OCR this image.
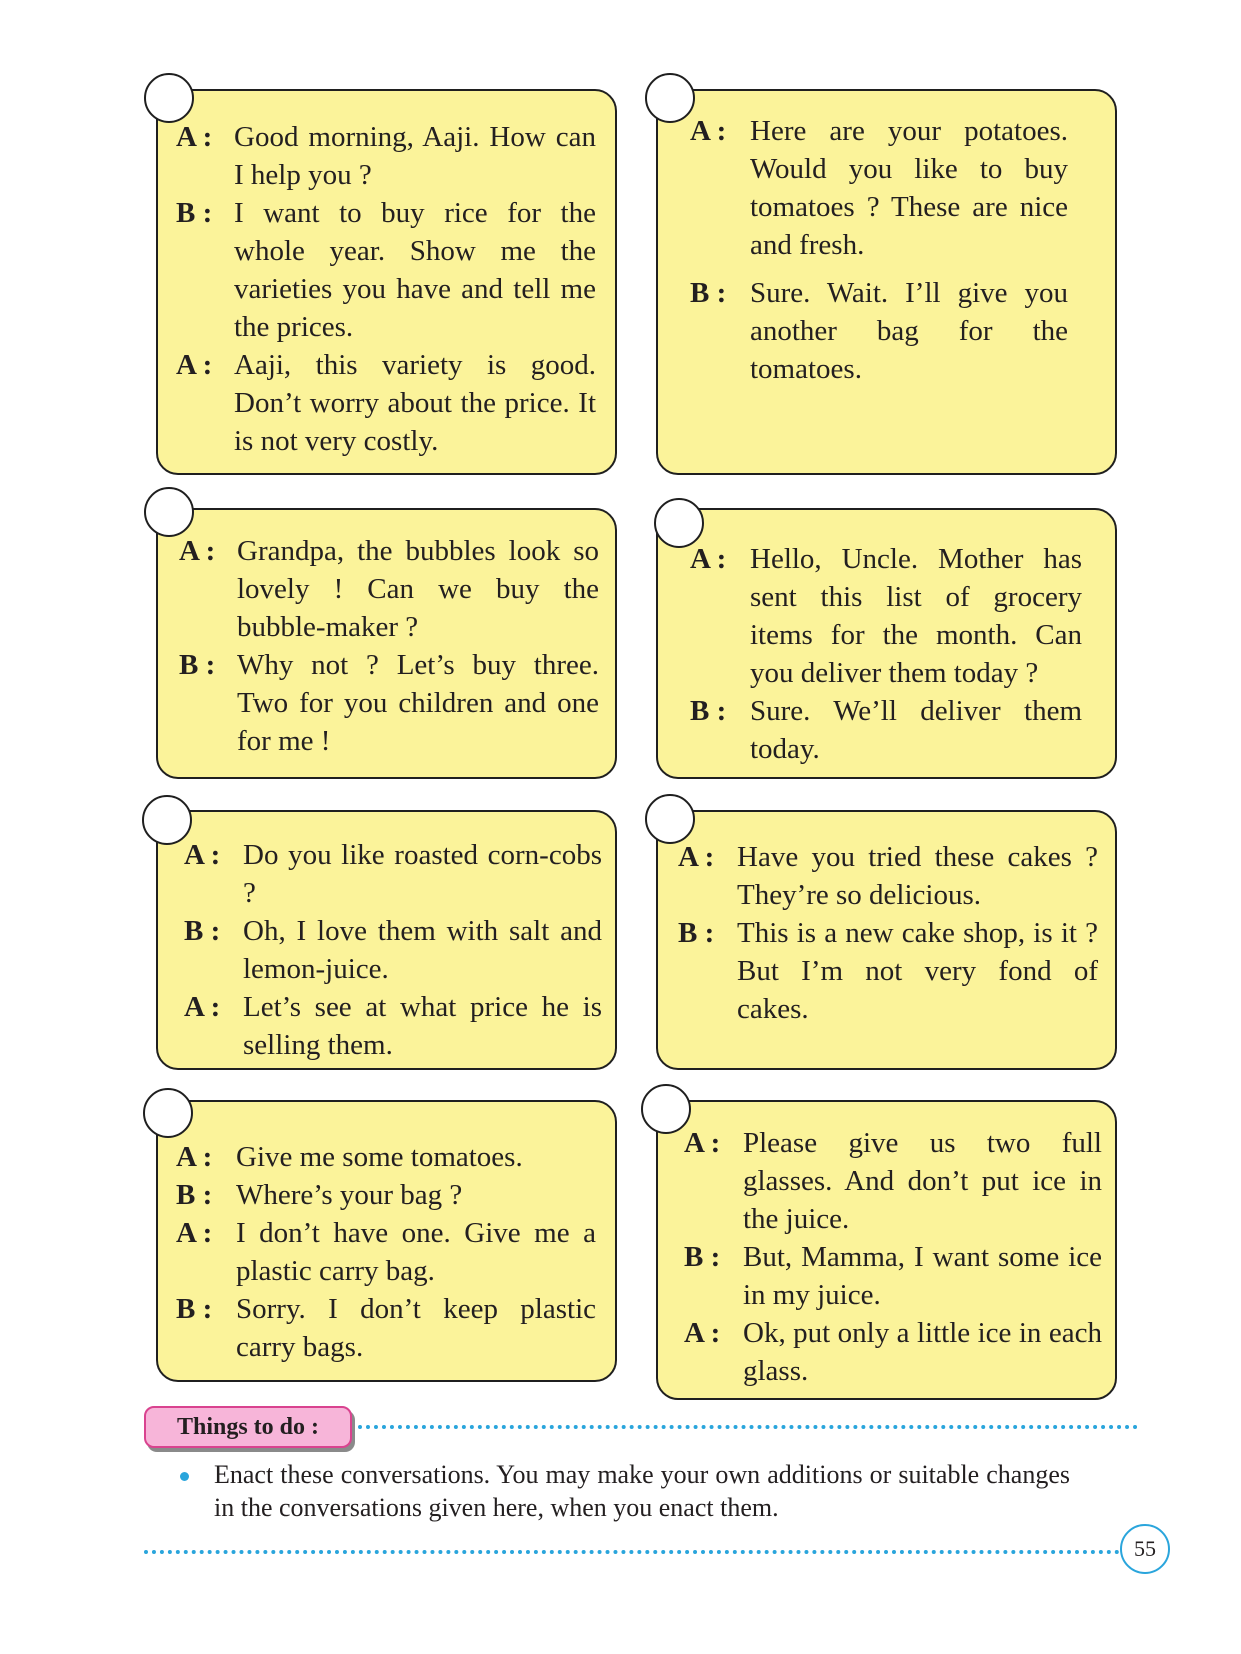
A : Good morning, Aaji. How can I help you ?
B : I want to buy rice for the whole year. Show me the varieties you have and tell me the prices.
A : Aaji, this variety is good. Don’t worry about the price. It is not very costly.
A : Here are your potatoes. Would you like to buy tomatoes ? These are nice and fresh.
B : Sure. Wait. I’ll give you another bag for the tomatoes.
A : Grandpa, the bubbles look so lovely ! Can we buy the bubble-maker ?
B : Why not ? Let’s buy three. Two for you children and one for me !
A : Hello, Uncle. Mother has sent this list of grocery items for the month. Can you deliver them today ?
B : Sure. We’ll deliver them today.
A : Do you like roasted corn-cobs ?
B : Oh, I love them with salt and lemon-juice.
A : Let’s see at what price he is selling them.
A : Have you tried these cakes ? They’re so delicious.
B : This is a new cake shop, is it ? But I’m not very fond of cakes.
A : Give me some tomatoes.
B : Where’s your bag ?
A : I don’t have one. Give me a plastic carry bag.
B : Sorry. I don’t keep plastic carry bags.
A : Please give us two full glasses. And don’t put ice in the juice.
B : But, Mamma, I want some ice in my juice.
A : Ok, put only a little ice in each glass.
Things to do :
Enact these conversations. You may make your own additions or suitable changes in the conversations given here, when you enact them.
55
